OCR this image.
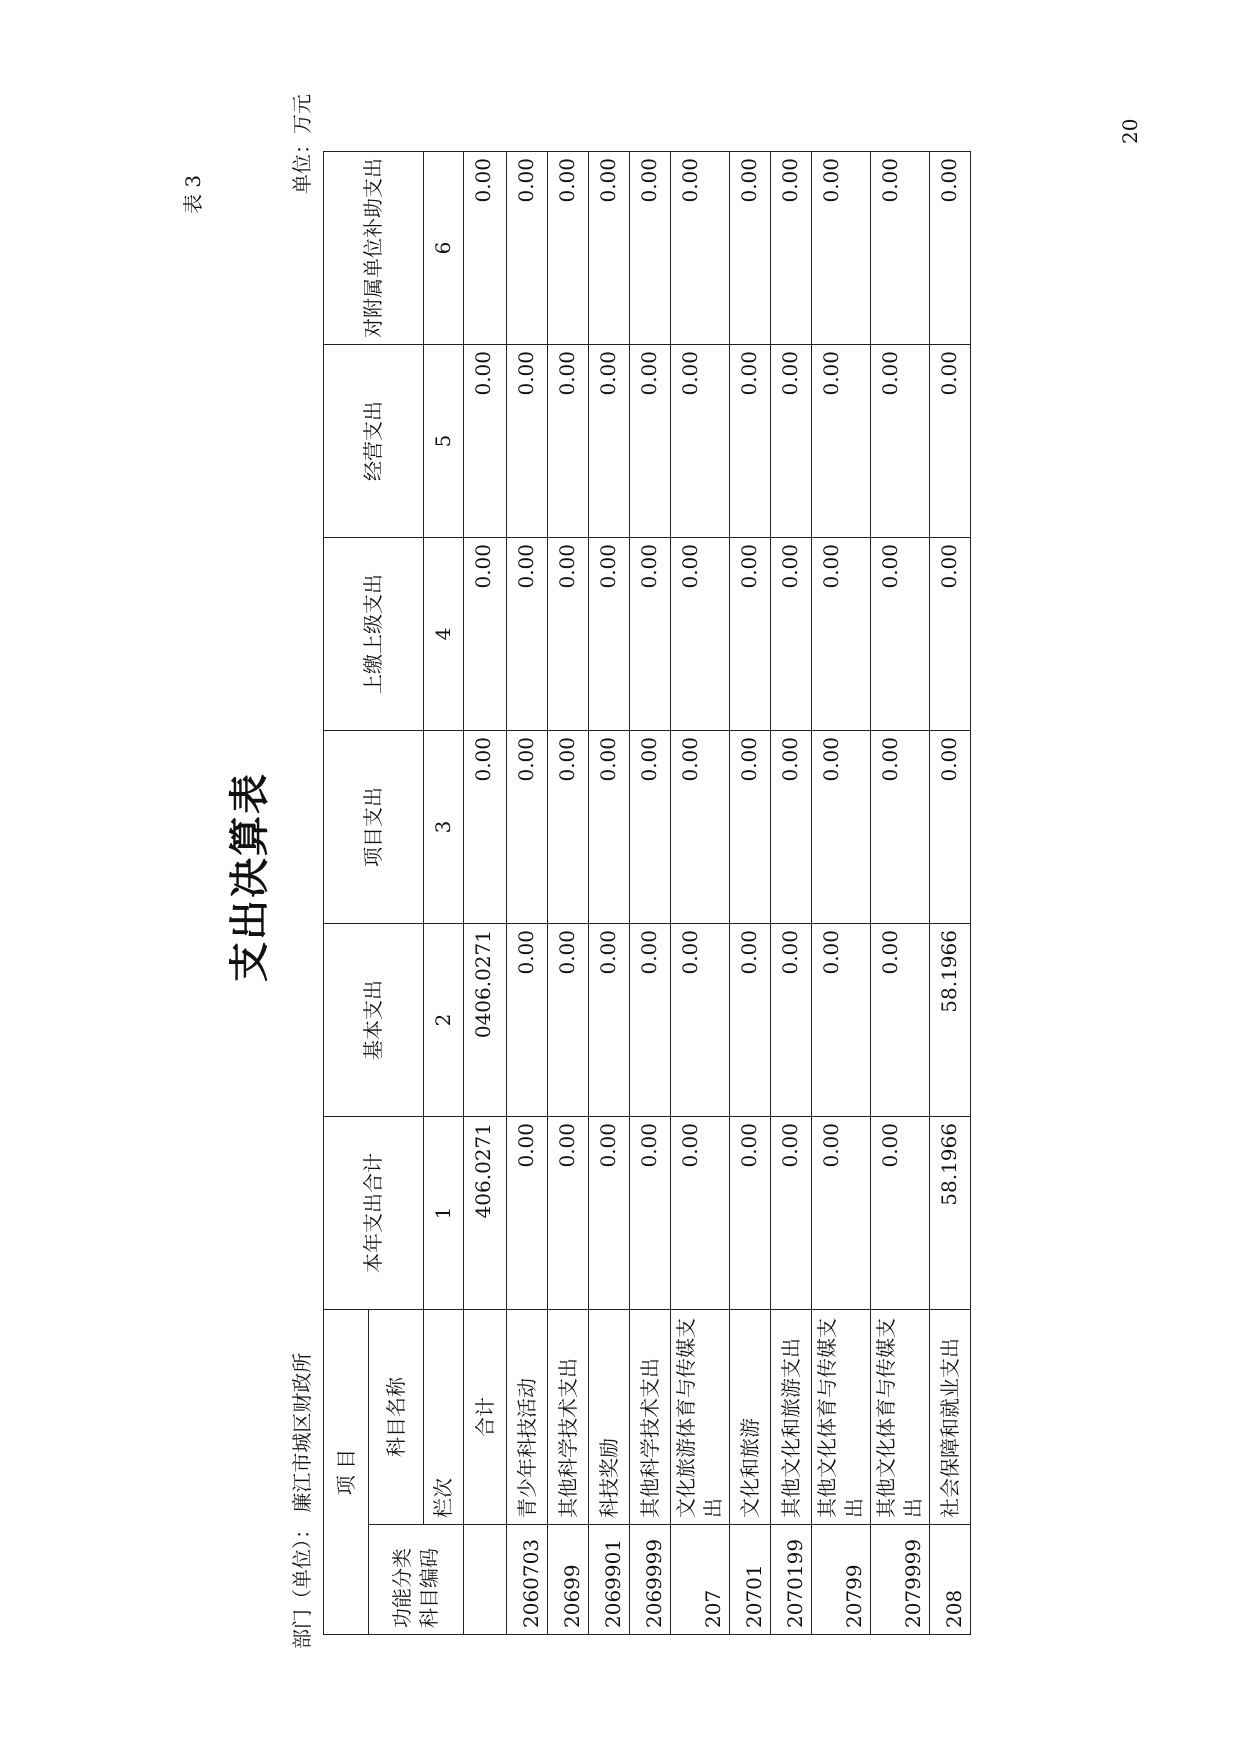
表 3
支出决算表
部门（单位）： 廉江市城区财政所
单位：万元
项 目		本年支出合计	基本支出	项目支出	上缴上级支出	经营支出	对附属单位补助支出
功能分类科目编码	科目名称						
	栏次	1	2	3	4	5	6
	合计	406.0271	0406.0271	0.00	0.00	0.00	0.00
2060703	青少年科技活动	0.00	0.00	0.00	0.00	0.00	0.00
20699	其他科学技术支出	0.00	0.00	0.00	0.00	0.00	0.00
2069901	科技奖励	0.00	0.00	0.00	0.00	0.00	0.00
2069999	其他科学技术支出	0.00	0.00	0.00	0.00	0.00	0.00
207	文化旅游体育与传媒支出	0.00	0.00	0.00	0.00	0.00	0.00
20701	文化和旅游	0.00	0.00	0.00	0.00	0.00	0.00
2070199	其他文化和旅游支出	0.00	0.00	0.00	0.00	0.00	0.00
20799	其他文化体育与传媒支出	0.00	0.00	0.00	0.00	0.00	0.00
2079999	其他文化体育与传媒支出	0.00	0.00	0.00	0.00	0.00	0.00
208	社会保障和就业支出	58.1966	58.1966	0.00	0.00	0.00	0.00
20
